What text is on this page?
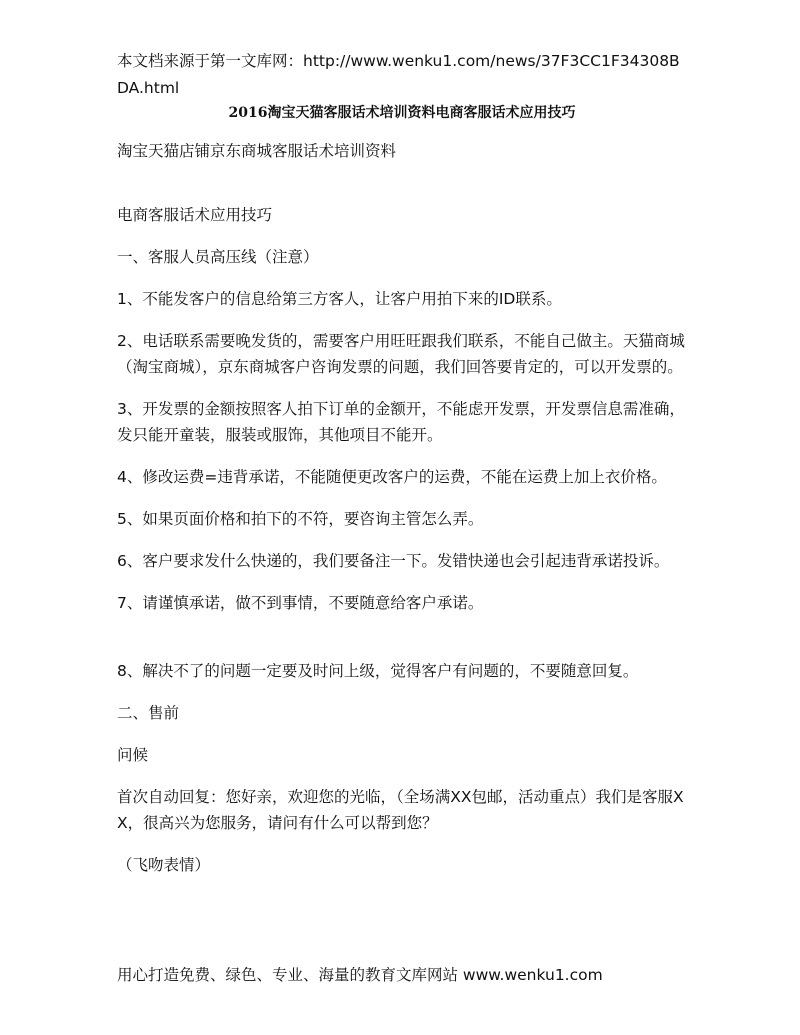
本文档来源于第一文库网：http://www.wenku1.com/news/37F3CC1F34308BDA.html

2016淘宝天猫客服话术培训资料电商客服话术应用技巧

淘宝天猫店铺京东商城客服话术培训资料

电商客服话术应用技巧

一、客服人员高压线（注意）

1、不能发客户的信息给第三方客人，让客户用拍下来的ID联系。

2、电话联系需要晚发货的，需要客户用旺旺跟我们联系，不能自己做主。天猫商城（淘宝商城），京东商城客户咨询发票的问题，我们回答要肯定的，可以开发票的。

3、开发票的金额按照客人拍下订单的金额开，不能虑开发票，开发票信息需准确，发只能开童装，服装或服饰，其他项目不能开。

4、修改运费=违背承诺，不能随便更改客户的运费，不能在运费上加上衣价格。

5、如果页面价格和拍下的不符，要咨询主管怎么弄。

6、客户要求发什么快递的，我们要备注一下。发错快递也会引起违背承诺投诉。

7、请谨慎承诺，做不到事情，不要随意给客户承诺。

8、解决不了的问题一定要及时问上级，觉得客户有问题的，不要随意回复。

二、售前

问候

首次自动回复：您好亲，欢迎您的光临，（全场满XX包邮，活动重点）我们是客服XX，很高兴为您服务，请问有什么可以帮到您？

（飞吻表情）

用心打造免费、绿色、专业、海量的教育文库网站 www.wenku1.com
